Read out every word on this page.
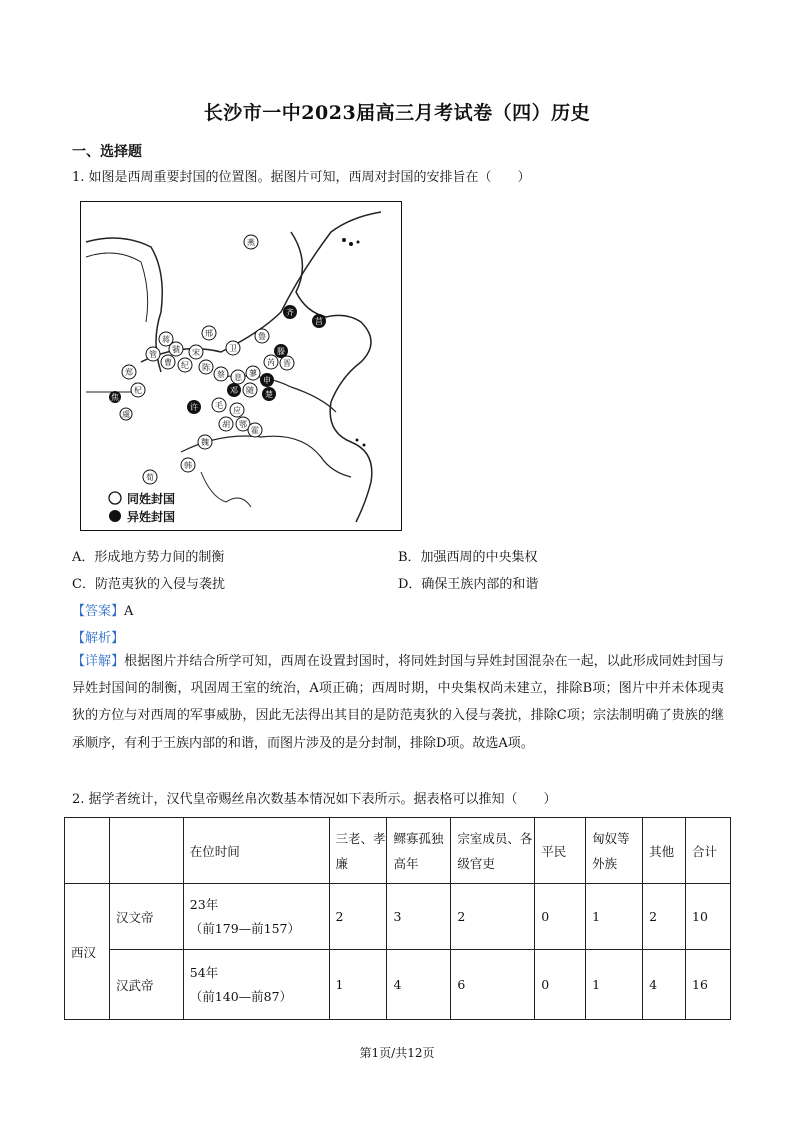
长沙市一中2023届高三月考试卷（四）历史
一、选择题
1. 如图是西周重要封国的位置图。据图片可知，西周对封国的安排旨在（　　）
燕
齐
莒
邢
卫
鲁
滕
芮 晋
蒋
虢
管
曹 纪
宋
陈
蔡 息 蓼
申
邓 随 楚
郑
焦
杞
许 毛
应
胡 鄂
霍
魏
韩
荀
虞
同姓封国
异姓封国
A．形成地方势力间的制衡	B．加强西周的中央集权
C．防范夷狄的入侵与袭扰	D．确保王族内部的和谐
【答案】A
【解析】
【详解】根据图片并结合所学可知，西周在设置封国时，将同姓封国与异姓封国混杂在一起，以此形成同姓封国与异姓封国间的制衡，巩固周王室的统治，A项正确；西周时期，中央集权尚未建立，排除B项；图片中并未体现夷狄的方位与对西周的军事威胁，因此无法得出其目的是防范夷狄的入侵与袭扰，排除C项；宗法制明确了贵族的继承顺序，有利于王族内部的和谐，而图片涉及的是分封制，排除D项。故选A项。
2. 据学者统计，汉代皇帝赐丝帛次数基本情况如下表所示。据表格可以推知（　　）
		在位时间	三老、孝廉	鳏寡孤独高年	宗室成员、各级官吏	平民	匈奴等外族	其他	合计
西汉	汉文帝	23年
（前179—前157）	2	3	2	0	1	2	10
	汉武帝	54年
（前140—前87）	1	4	6	0	1	4	16
第1页/共12页
